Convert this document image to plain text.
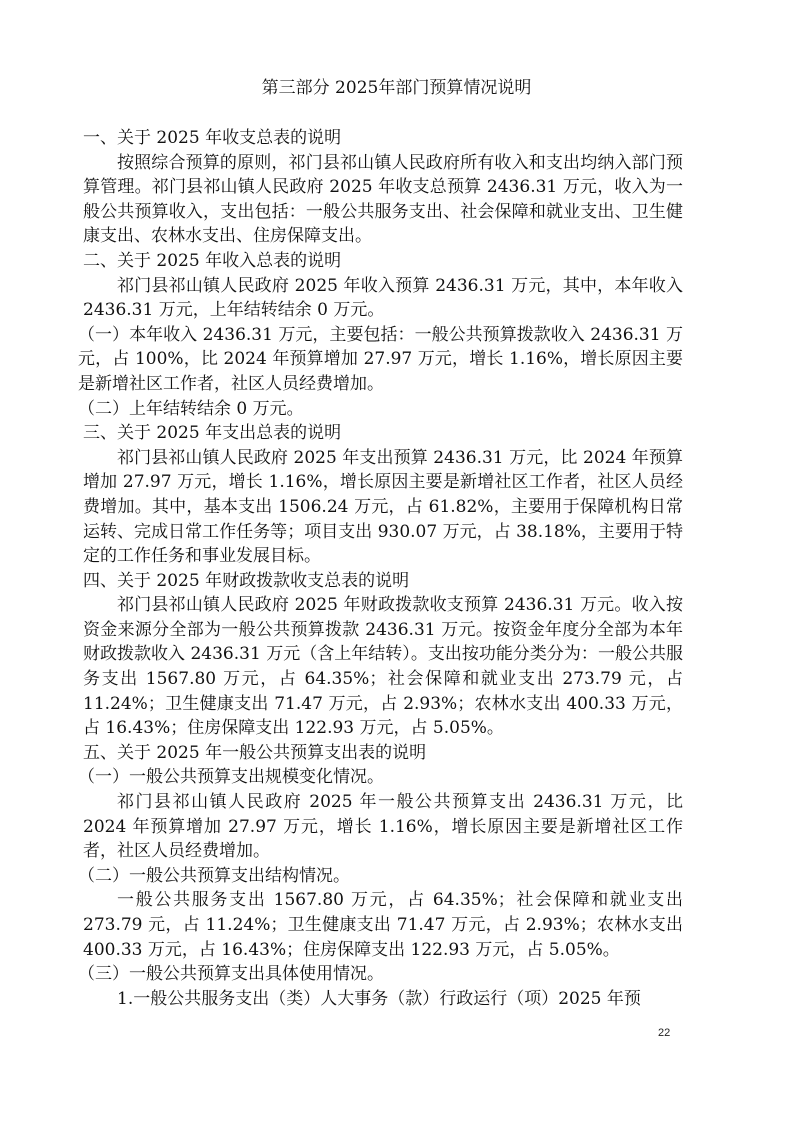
第三部分 2025年部门预算情况说明

一、关于 2025 年收支总表的说明

按照综合预算的原则，祁门县祁山镇人民政府所有收入和支出均纳入部门预算管理。祁门县祁山镇人民政府 2025 年收支总预算 2436.31 万元，收入为一般公共预算收入，支出包括：一般公共服务支出、社会保障和就业支出、卫生健康支出、农林水支出、住房保障支出。

二、关于 2025 年收入总表的说明

祁门县祁山镇人民政府 2025 年收入预算 2436.31 万元，其中，本年收入 2436.31 万元，上年结转结余 0 万元。

（一）本年收入 2436.31 万元，主要包括：一般公共预算拨款收入 2436.31 万元，占 100%，比 2024 年预算增加 27.97 万元，增长 1.16%，增长原因主要是新增社区工作者，社区人员经费增加。

（二）上年结转结余 0 万元。

三、关于 2025 年支出总表的说明

祁门县祁山镇人民政府 2025 年支出预算 2436.31 万元，比 2024 年预算增加 27.97 万元，增长 1.16%，增长原因主要是新增社区工作者，社区人员经费增加。其中，基本支出 1506.24 万元，占 61.82%，主要用于保障机构日常运转、完成日常工作任务等；项目支出 930.07 万元，占 38.18%，主要用于特定的工作任务和事业发展目标。

四、关于 2025 年财政拨款收支总表的说明

祁门县祁山镇人民政府 2025 年财政拨款收支预算 2436.31 万元。收入按资金来源分全部为一般公共预算拨款 2436.31 万元。按资金年度分全部为本年财政拨款收入 2436.31 万元（含上年结转）。支出按功能分类分为：一般公共服务支出 1567.80 万元，占 64.35%；社会保障和就业支出 273.79 元，占 11.24%；卫生健康支出 71.47 万元，占 2.93%；农林水支出 400.33 万元，占 16.43%；住房保障支出 122.93 万元，占 5.05%。

五、关于 2025 年一般公共预算支出表的说明

（一）一般公共预算支出规模变化情况。

祁门县祁山镇人民政府 2025 年一般公共预算支出 2436.31 万元，比 2024 年预算增加 27.97 万元，增长 1.16%，增长原因主要是新增社区工作者，社区人员经费增加。

（二）一般公共预算支出结构情况。

一般公共服务支出 1567.80 万元，占 64.35%；社会保障和就业支出 273.79 元，占 11.24%；卫生健康支出 71.47 万元，占 2.93%；农林水支出 400.33 万元，占 16.43%；住房保障支出 122.93 万元，占 5.05%。

（三）一般公共预算支出具体使用情况。

1.一般公共服务支出（类）人大事务（款）行政运行（项）2025 年预

22
